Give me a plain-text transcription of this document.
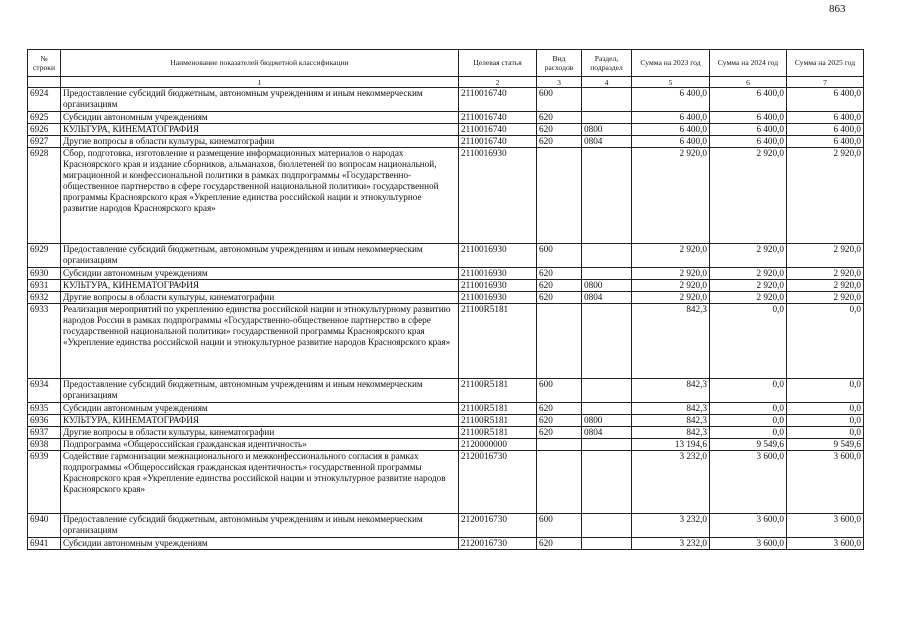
863
№ строки	Наименование показателей бюджетной классификации	Целевая статья	Вид расходов	Раздел, подраздел	Сумма на 2023 год	Сумма на 2024 год	Сумма на 2025 год
	1	2	3	4	5	6	7
6924	Предоставление субсидий бюджетным, автономным учреждениям и иным некоммерческим организациям	2110016740	600		6 400,0	6 400,0	6 400,0
6925	Субсидии автономным учреждениям	2110016740	620		6 400,0	6 400,0	6 400,0
6926	КУЛЬТУРА, КИНЕМАТОГРАФИЯ	2110016740	620	0800	6 400,0	6 400,0	6 400,0
6927	Другие вопросы в области культуры, кинематографии	2110016740	620	0804	6 400,0	6 400,0	6 400,0
6928	Сбор, подготовка, изготовление и размещение информационных материалов о народах Красноярского края и издание сборников, альманахов, бюллетеней по вопросам национальной, миграционной и конфессиональной политики в рамках подпрограммы «Государственно-общественное партнерство в сфере государственной национальной политики» государственной программы Красноярского края «Укрепление единства российской нации и этнокультурное развитие народов Красноярского края»	2110016930			2 920,0	2 920,0	2 920,0
6929	Предоставление субсидий бюджетным, автономным учреждениям и иным некоммерческим организациям	2110016930	600		2 920,0	2 920,0	2 920,0
6930	Субсидии автономным учреждениям	2110016930	620		2 920,0	2 920,0	2 920,0
6931	КУЛЬТУРА, КИНЕМАТОГРАФИЯ	2110016930	620	0800	2 920,0	2 920,0	2 920,0
6932	Другие вопросы в области культуры, кинематографии	2110016930	620	0804	2 920,0	2 920,0	2 920,0
6933	Реализация мероприятий по укреплению единства российской нации и этнокультурному развитию народов России в рамках подпрограммы «Государственно-общественное партнерство в сфере государственной национальной политики» государственной программы Красноярского края «Укрепление единства российской нации и этнокультурное развитие народов Красноярского края»	21100R5181			842,3	0,0	0,0
6934	Предоставление субсидий бюджетным, автономным учреждениям и иным некоммерческим организациям	21100R5181	600		842,3	0,0	0,0
6935	Субсидии автономным учреждениям	21100R5181	620		842,3	0,0	0,0
6936	КУЛЬТУРА, КИНЕМАТОГРАФИЯ	21100R5181	620	0800	842,3	0,0	0,0
6937	Другие вопросы в области культуры, кинематографии	21100R5181	620	0804	842,3	0,0	0,0
6938	Подпрограмма «Общероссийская гражданская идентичность»	2120000000			13 194,6	9 549,6	9 549,6
6939	Содействие гармонизации межнационального и межконфессионального согласия в рамках подпрограммы «Общероссийская гражданская идентичность» государственной программы Красноярского края «Укрепление единства российской нации и этнокультурное развитие народов Красноярского края»	2120016730			3 232,0	3 600,0	3 600,0
6940	Предоставление субсидий бюджетным, автономным учреждениям и иным некоммерческим организациям	2120016730	600		3 232,0	3 600,0	3 600,0
6941	Субсидии автономным учреждениям	2120016730	620		3 232,0	3 600,0	3 600,0
